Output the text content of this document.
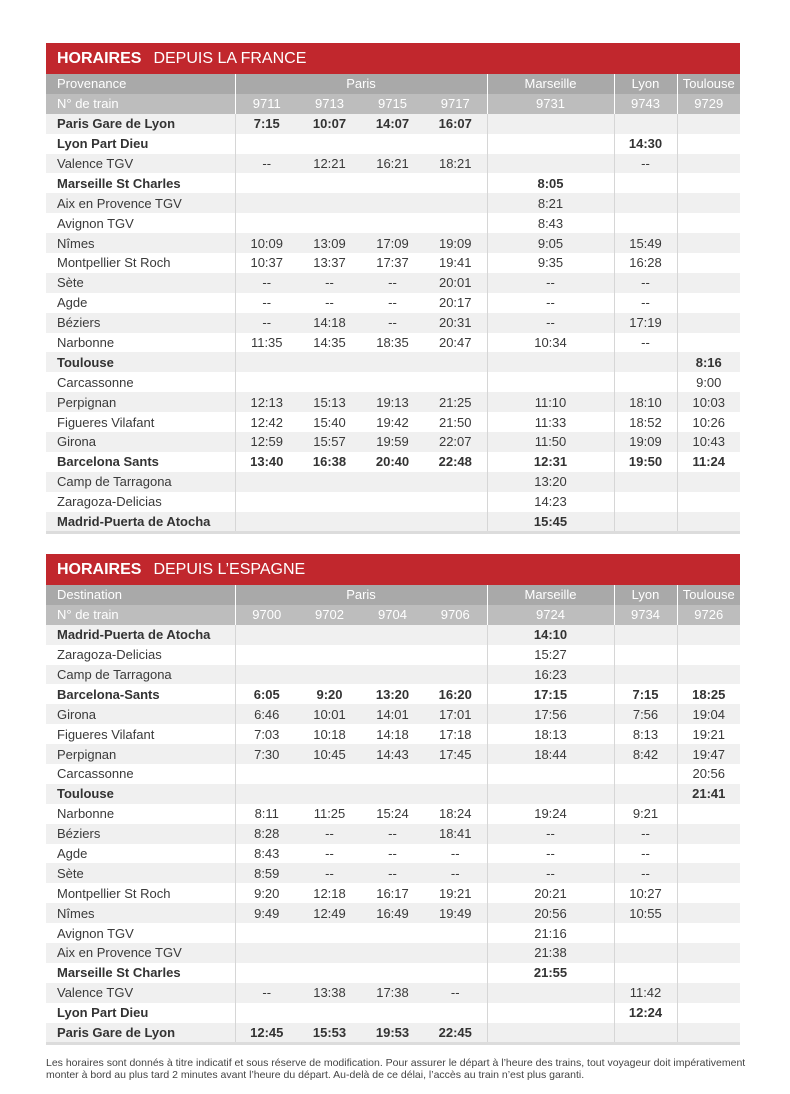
HORAIRES DEPUIS LA FRANCE
Provenance	Paris				Marseille	Lyon	Toulouse
N° de train	9711	9713	9715	9717	9731	9743	9729
Paris Gare de Lyon	7:15	10:07	14:07	16:07			
Lyon Part Dieu						14:30	
Valence TGV	--	12:21	16:21	18:21		--	
Marseille St Charles					8:05		
Aix en Provence TGV					8:21		
Avignon TGV					8:43		
Nîmes	10:09	13:09	17:09	19:09	9:05	15:49	
Montpellier St Roch	10:37	13:37	17:37	19:41	9:35	16:28	
Sète	--	--	--	20:01	--	--	
Agde	--	--	--	20:17	--	--	
Béziers	--	14:18	--	20:31	--	17:19	
Narbonne	11:35	14:35	18:35	20:47	10:34	--	
Toulouse							8:16
Carcassonne							9:00
Perpignan	12:13	15:13	19:13	21:25	11:10	18:10	10:03
Figueres Vilafant	12:42	15:40	19:42	21:50	11:33	18:52	10:26
Girona	12:59	15:57	19:59	22:07	11:50	19:09	10:43
Barcelona Sants	13:40	16:38	20:40	22:48	12:31	19:50	11:24
Camp de Tarragona					13:20		
Zaragoza-Delicias					14:23		
Madrid-Puerta de Atocha					15:45		
HORAIRES DEPUIS L’ESPAGNE
Destination	Paris				Marseille	Lyon	Toulouse
N° de train	9700	9702	9704	9706	9724	9734	9726
Madrid-Puerta de Atocha					14:10		
Zaragoza-Delicias					15:27		
Camp de Tarragona					16:23		
Barcelona-Sants	6:05	9:20	13:20	16:20	17:15	7:15	18:25
Girona	6:46	10:01	14:01	17:01	17:56	7:56	19:04
Figueres Vilafant	7:03	10:18	14:18	17:18	18:13	8:13	19:21
Perpignan	7:30	10:45	14:43	17:45	18:44	8:42	19:47
Carcassonne							20:56
Toulouse							21:41
Narbonne	8:11	11:25	15:24	18:24	19:24	9:21	
Béziers	8:28	--	--	18:41	--	--	
Agde	8:43	--	--	--	--	--	
Sète	8:59	--	--	--	--	--	
Montpellier St Roch	9:20	12:18	16:17	19:21	20:21	10:27	
Nîmes	9:49	12:49	16:49	19:49	20:56	10:55	
Avignon TGV					21:16		
Aix en Provence TGV					21:38		
Marseille St Charles					21:55		
Valence TGV	--	13:38	17:38	--		11:42	
Lyon Part Dieu						12:24	
Paris Gare de Lyon	12:45	15:53	19:53	22:45			
Les horaires sont donnés à titre indicatif et sous réserve de modification. Pour assurer le départ à l’heure des trains, tout voyageur doit impérativement monter à bord au plus tard 2 minutes avant l’heure du départ. Au-delà de ce délai, l’accès au train n’est plus garanti.
